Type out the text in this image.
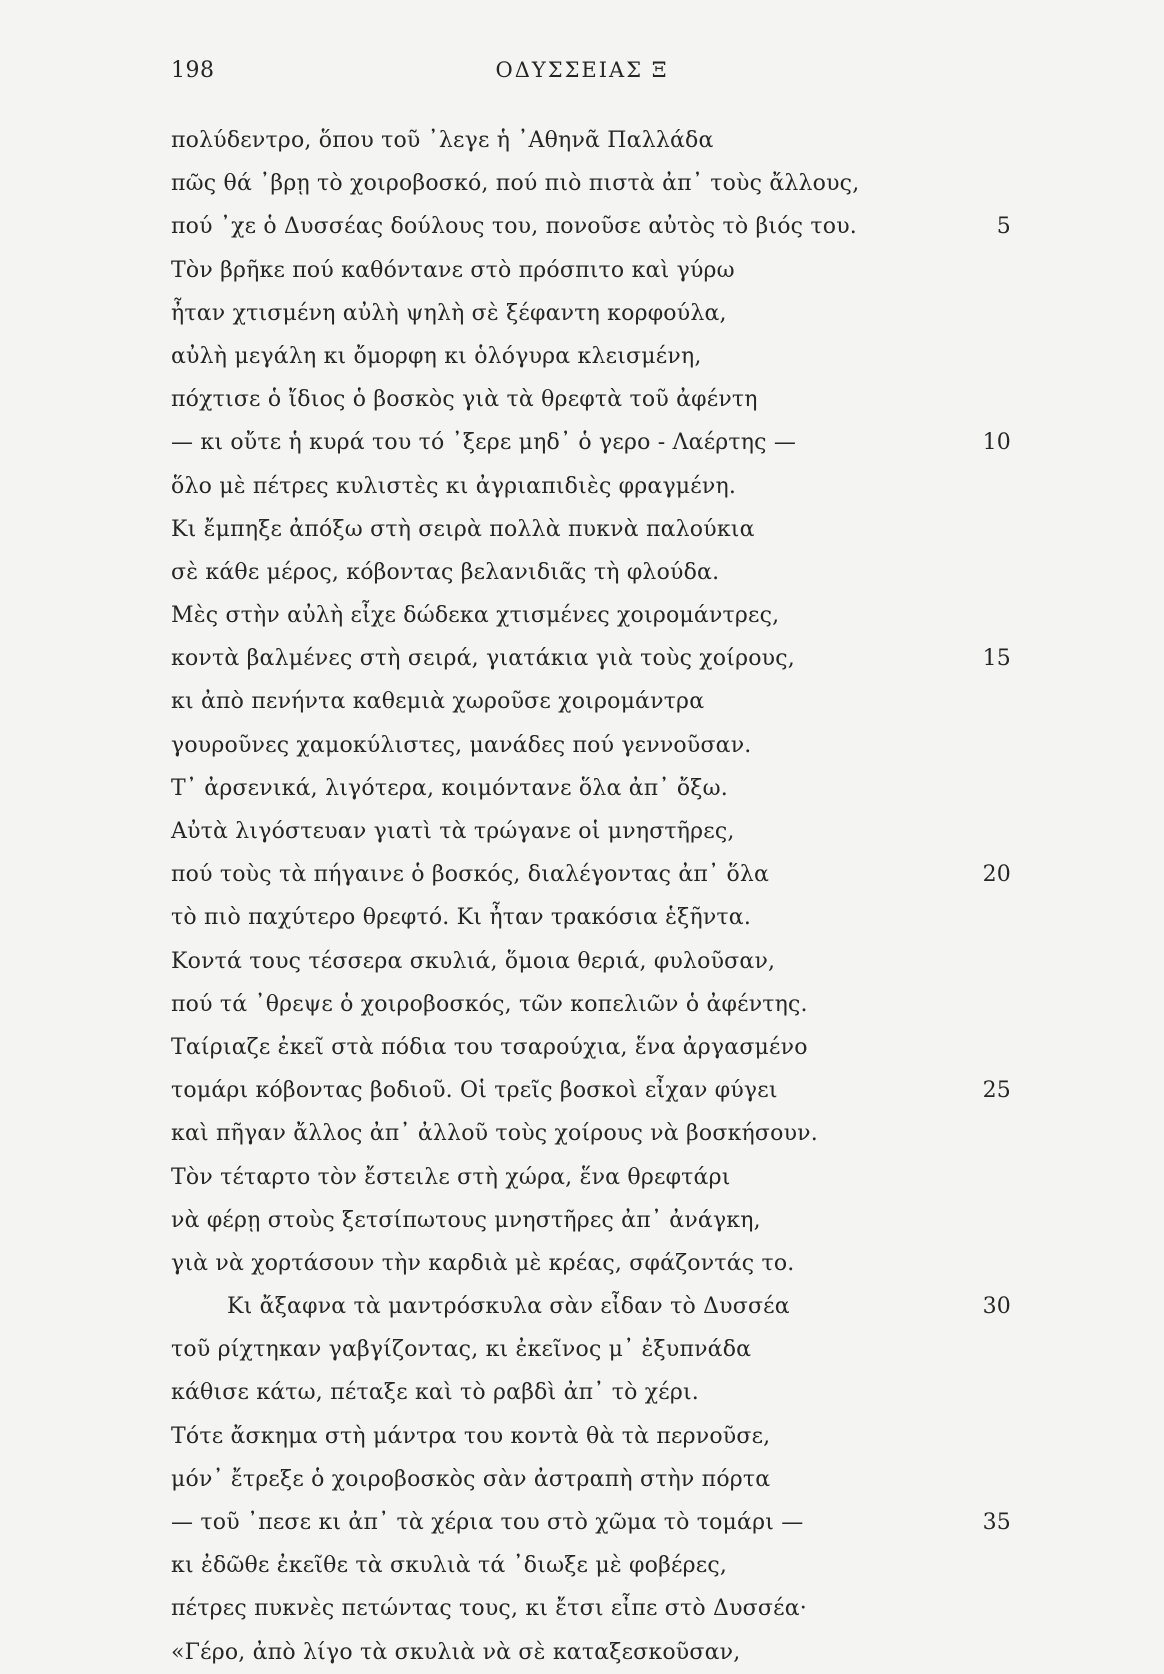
198	ΟΔΥΣΣΕΙΑΣ Ξ
πολύδεντρο, ὅπου τοῦ ᾿λεγε ἡ ᾿Αθηνᾶ Παλλάδα
πῶς θά ᾿βρῃ τὸ χοιροβοσκό, πού πιὸ πιστὰ ἀπ᾿ τοὺς ἄλλους,
πού ᾿χε ὁ Δυσσέας δούλους του, πονοῦσε αὐτὸς τὸ βιός του.	5
Τὸν βρῆκε πού καθόντανε στὸ πρόσπιτο καὶ γύρω
ἦταν χτισμένη αὐλὴ ψηλὴ σὲ ξέφαντη κορφούλα,
αὐλὴ μεγάλη κι ὄμορφη κι ὁλόγυρα κλεισμένη,
πόχτισε ὁ ἴδιος ὁ βοσκὸς γιὰ τὰ θρεφτὰ τοῦ ἀφέντη
— κι οὔτε ἡ κυρά του τό ᾿ξερε μηδ᾿ ὁ γερο - Λαέρτης —	10
ὅλο μὲ πέτρες κυλιστὲς κι ἀγριαπιδιὲς φραγμένη.
Κι ἔμπηξε ἀπόξω στὴ σειρὰ πολλὰ πυκνὰ παλούκια
σὲ κάθε μέρος, κόβοντας βελανιδιᾶς τὴ φλούδα.
Μὲς στὴν αὐλὴ εἶχε δώδεκα χτισμένες χοιρομάντρες,
κοντὰ βαλμένες στὴ σειρά, γιατάκια γιὰ τοὺς χοίρους,	15
κι ἀπὸ πενήντα καθεμιὰ χωροῦσε χοιρομάντρα
γουροῦνες χαμοκύλιστες, μανάδες πού γεννοῦσαν.
Τ᾿ ἀρσενικά, λιγότερα, κοιμόντανε ὅλα ἀπ᾿ ὄξω.
Αὐτὰ λιγόστευαν γιατὶ τὰ τρώγανε οἱ μνηστῆρες,
πού τοὺς τὰ πήγαινε ὁ βοσκός, διαλέγοντας ἀπ᾿ ὅλα	20
τὸ πιὸ παχύτερο θρεφτό. Κι ἦταν τρακόσια ἑξῆντα.
Κοντά τους τέσσερα σκυλιά, ὅμοια θεριά, φυλοῦσαν,
πού τά ᾿θρεψε ὁ χοιροβοσκός, τῶν κοπελιῶν ὁ ἀφέντης.
Ταίριαζε ἐκεῖ στὰ πόδια του τσαρούχια, ἕνα ἀργασμένο
τομάρι κόβοντας βοδιοῦ. Οἱ τρεῖς βοσκοὶ εἶχαν φύγει	25
καὶ πῆγαν ἄλλος ἀπ᾿ ἀλλοῦ τοὺς χοίρους νὰ βοσκήσουν.
Τὸν τέταρτο τὸν ἔστειλε στὴ χώρα, ἕνα θρεφτάρι
νὰ φέρῃ στοὺς ξετσίπωτους μνηστῆρες ἀπ᾿ ἀνάγκη,
γιὰ νὰ χορτάσουν τὴν καρδιὰ μὲ κρέας, σφάζοντάς το.
Κι ἄξαφνα τὰ μαντρόσκυλα σὰν εἶδαν τὸ Δυσσέα	30
τοῦ ρίχτηκαν γαβγίζοντας, κι ἐκεῖνος μ᾿ ἐξυπνάδα
κάθισε κάτω, πέταξε καὶ τὸ ραβδὶ ἀπ᾿ τὸ χέρι.
Τότε ἄσκημα στὴ μάντρα του κοντὰ θὰ τὰ περνοῦσε,
μόν᾿ ἔτρεξε ὁ χοιροβοσκὸς σὰν ἀστραπὴ στὴν πόρτα
— τοῦ ᾿πεσε κι ἀπ᾿ τὰ χέρια του στὸ χῶμα τὸ τομάρι —	35
κι ἐδῶθε ἐκεῖθε τὰ σκυλιὰ τά ᾿διωξε μὲ φοβέρες,
πέτρες πυκνὲς πετώντας τους, κι ἔτσι εἶπε στὸ Δυσσέα·
«Γέρο, ἀπὸ λίγο τὰ σκυλιὰ νὰ σὲ καταξεσκοῦσαν,
